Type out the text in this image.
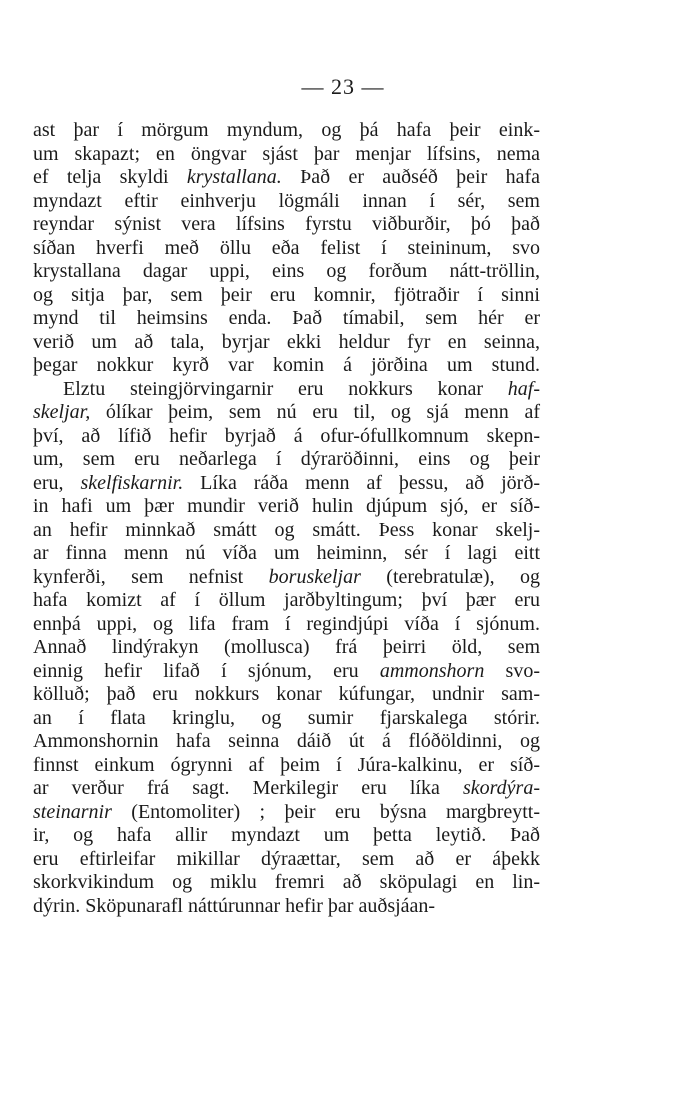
— 23 —
ast þar í mörgum myndum, og þá hafa þeir eink-
um skapazt; en öngvar sjást þar menjar lífsins, nema
ef telja skyldi krystallana. Það er auðséð þeir hafa
myndazt eftir einhverju lögmáli innan í sér, sem
reyndar sýnist vera lífsins fyrstu viðburðir, þó það
síðan hverfi með öllu eða felist í steininum, svo
krystallana dagar uppi, eins og forðum nátt-tröllin,
og sitja þar, sem þeir eru komnir, fjötraðir í sinni
mynd til heimsins enda. Það tímabil, sem hér er
verið um að tala, byrjar ekki heldur fyr en seinna,
þegar nokkur kyrð var komin á jörðina um stund.
Elztu steingjörvingarnir eru nokkurs konar haf-
skeljar, ólíkar þeim, sem nú eru til, og sjá menn af
því, að lífið hefir byrjað á ofur-ófullkomnum skepn-
um, sem eru neðarlega í dýraröðinni, eins og þeir
eru, skelfiskarnir. Líka ráða menn af þessu, að jörð-
in hafi um þær mundir verið hulin djúpum sjó, er síð-
an hefir minnkað smátt og smátt. Þess konar skelj-
ar finna menn nú víða um heiminn, sér í lagi eitt
kynferði, sem nefnist boruskeljar (terebratulæ), og
hafa komizt af í öllum jarðbyltingum; því þær eru
ennþá uppi, og lifa fram í regindjúpi víða í sjónum.
Annað lindýrakyn (mollusca) frá þeirri öld, sem
einnig hefir lifað í sjónum, eru ammonshorn svo-
kölluð; það eru nokkurs konar kúfungar, undnir sam-
an í flata kringlu, og sumir fjarskalega stórir.
Ammonshornin hafa seinna dáið út á flóðöldinni, og
finnst einkum ógrynni af þeim í Júra-kalkinu, er síð-
ar verður frá sagt. Merkilegir eru líka skordýra-
steinarnir (Entomoliter) ; þeir eru býsna margbreytt-
ir, og hafa allir myndazt um þetta leytið. Það
eru eftirleifar mikillar dýraættar, sem að er áþekk
skorkvikindum og miklu fremri að sköpulagi en lin-
dýrin. Sköpunarafl náttúrunnar hefir þar auðsjáan-
